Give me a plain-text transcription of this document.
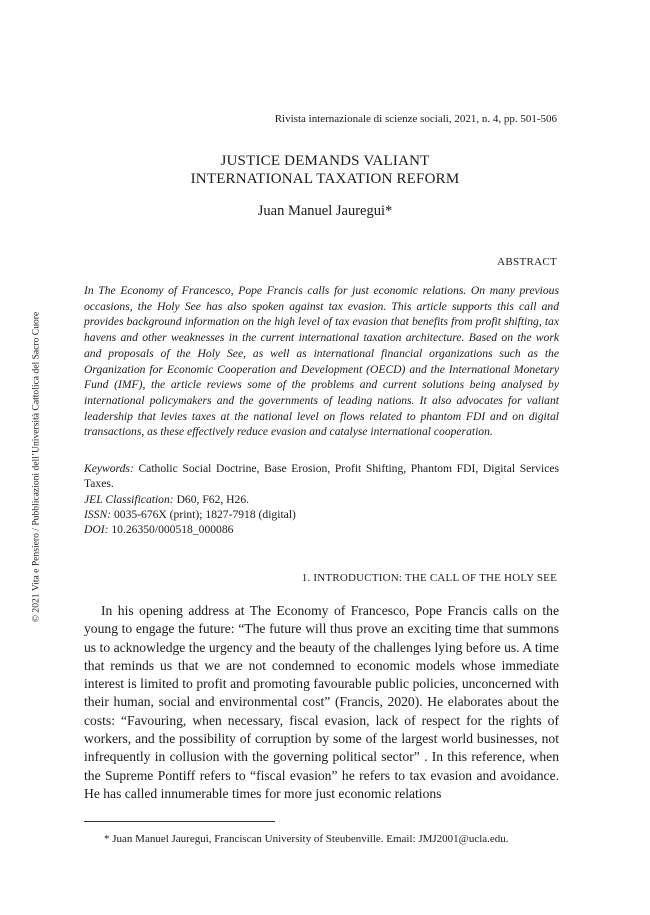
Rivista internazionale di scienze sociali, 2021, n. 4, pp. 501-506
JUSTICE DEMANDS VALIANT
INTERNATIONAL TAXATION REFORM
Juan Manuel Jauregui*
ABSTRACT

In The Economy of Francesco, Pope Francis calls for just economic relations. On many previous occasions, the Holy See has also spoken against tax evasion. This article supports this call and provides background information on the high level of tax evasion that benefits from profit shifting, tax havens and other weaknesses in the current international taxation architecture. Based on the work and proposals of the Holy See, as well as international financial organizations such as the Organization for Economic Cooperation and Development (OECD) and the International Monetary Fund (IMF), the article reviews some of the problems and current solutions being analysed by international policymakers and the governments of leading nations. It also advocates for valiant leadership that levies taxes at the national level on flows related to phantom FDI and on digital transactions, as these effectively reduce evasion and catalyse international cooperation.

Keywords: Catholic Social Doctrine, Base Erosion, Profit Shifting, Phantom FDI, Digital Services Taxes.
JEL Classification: D60, F62, H26.
ISSN: 0035-676X (print); 1827-7918 (digital)
DOI: 10.26350/000518_000086
1. INTRODUCTION: THE CALL OF THE HOLY SEE

In his opening address at The Economy of Francesco, Pope Francis calls on the young to engage the future: “The future will thus prove an exciting time that summons us to acknowledge the urgency and the beauty of the challenges lying before us. A time that reminds us that we are not condemned to economic models whose immediate interest is limited to profit and promoting favourable public policies, unconcerned with their human, social and environmental cost” (Francis, 2020). He elaborates about the costs: “Favouring, when necessary, fiscal evasion, lack of respect for the rights of workers, and the possibility of corruption by some of the largest world businesses, not infrequently in collusion with the governing political sector” . In this reference, when the Supreme Pontiff refers to “fiscal evasion” he refers to tax evasion and avoidance. He has called innumerable times for more just economic relations

* Juan Manuel Jauregui, Franciscan University of Steubenville. Email: JMJ2001@ucla.edu.
© 2021 Vita e Pensiero / Pubblicazioni dell’Università Cattolica del Sacro Cuore
